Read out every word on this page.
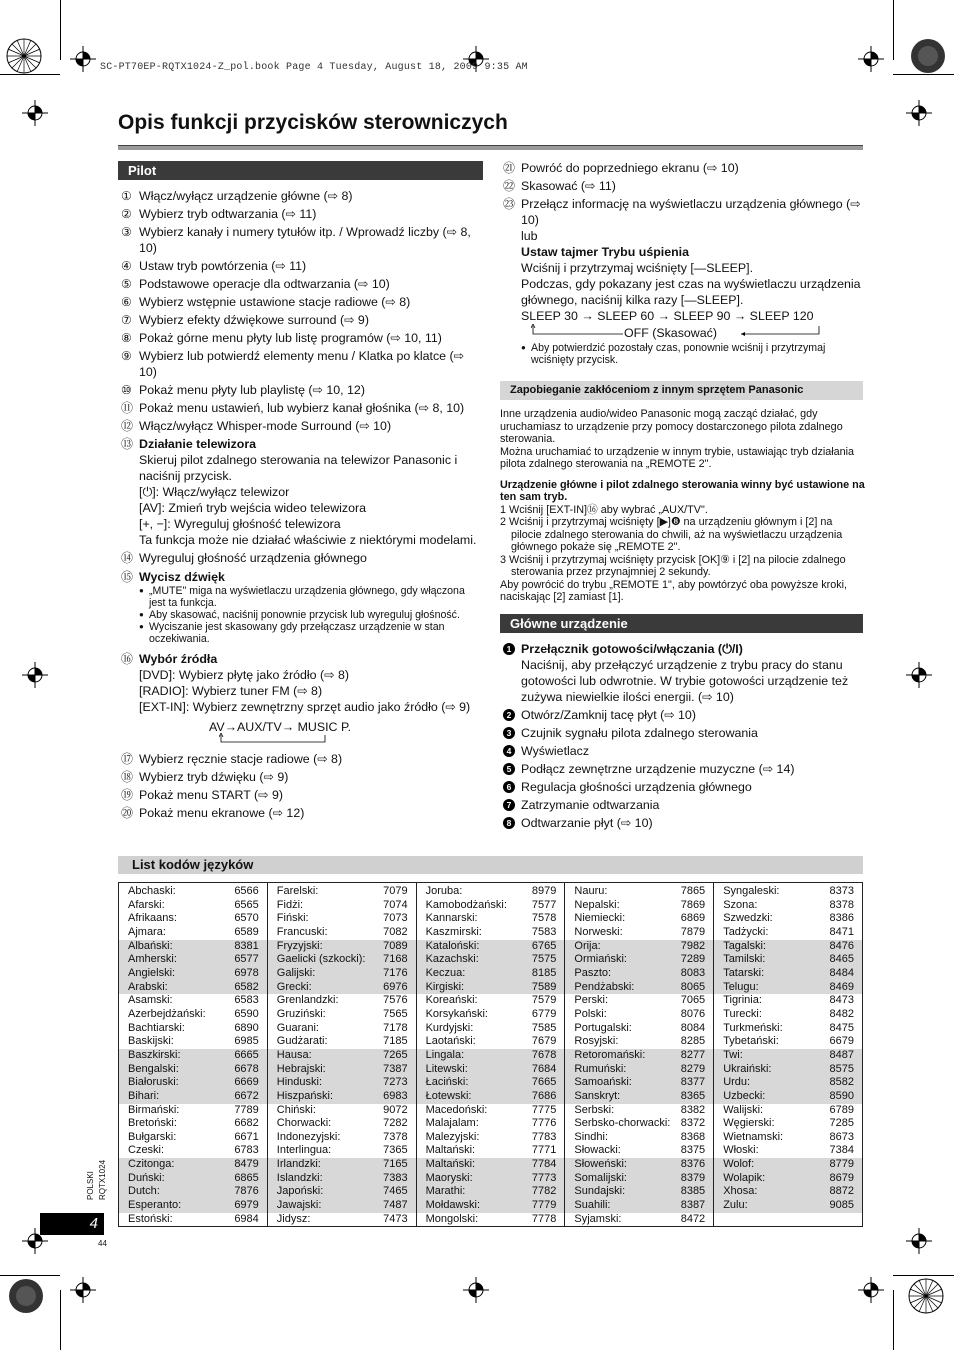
SC-PT70EP-RQTX1024-Z_pol.book Page 4 Tuesday, August 18, 2009 9:35 AM
Opis funkcji przycisków sterowniczych
Pilot
① Włącz/wyłącz urządzenie główne (⇨ 8)
② Wybierz tryb odtwarzania (⇨ 11)
③ Wybierz kanały i numery tytułów itp. / Wprowadź liczby (⇨ 8, 10)
④ Ustaw tryb powtórzenia (⇨ 11)
⑤ Podstawowe operacje dla odtwarzania (⇨ 10)
⑥ Wybierz wstępnie ustawione stacje radiowe (⇨ 8)
⑦ Wybierz efekty dźwiękowe surround (⇨ 9)
⑧ Pokaż górne menu płyty lub listę programów (⇨ 10, 11)
⑨ Wybierz lub potwierdź elementy menu / Klatka po klatce (⇨ 10)
⑩ Pokaż menu płyty lub playlistę (⇨ 10, 12)
⑪ Pokaż menu ustawień, lub wybierz kanał głośnika (⇨ 8, 10)
⑫ Włącz/wyłącz Whisper-mode Surround (⇨ 10)
⑬ Działanie telewizora
Skieruj pilot zdalnego sterowania na telewizor Panasonic i naciśnij przycisk.
[⏻]: Włącz/wyłącz telewizor
[AV]: Zmień tryb wejścia wideo telewizora
[+, −]: Wyreguluj głośność telewizora
Ta funkcja może nie działać właściwie z niektórymi modelami.
⑭ Wyreguluj głośność urządzenia głównego
⑮ Wycisz dźwięk
● „MUTE" miga na wyświetlaczu urządzenia głównego, gdy włączona jest ta funkcja.
● Aby skasować, naciśnij ponownie przycisk lub wyreguluj głośność.
● Wyciszanie jest skasowany gdy przełączasz urządzenie w stan oczekiwania.
⑯ Wybór źródła
[DVD]: Wybierz płytę jako źródło (⇨ 8)
[RADIO]: Wybierz tuner FM (⇨ 8)
[EXT-IN]: Wybierz zewnętrzny sprzęt audio jako źródło (⇨ 9)
AV→AUX/TV→ MUSIC P.
⑰ Wybierz ręcznie stacje radiowe (⇨ 8)
⑱ Wybierz tryb dźwięku (⇨ 9)
⑲ Pokaż menu START (⇨ 9)
⑳ Pokaż menu ekranowe (⇨ 12)
㉑ Powróć do poprzedniego ekranu (⇨ 10)
㉒ Skasować (⇨ 11)
㉓ Przełącz informację na wyświetlaczu urządzenia głównego (⇨ 10)
lub
Ustaw tajmer Trybu uśpienia
Wciśnij i przytrzymaj wciśnięty [—SLEEP].
Podczas, gdy pokazany jest czas na wyświetlaczu urządzenia głównego, naciśnij kilka razy [—SLEEP].
SLEEP 30 → SLEEP 60 → SLEEP 90 → SLEEP 120
OFF (Skasować)
● Aby potwierdzić pozostały czas, ponownie wciśnij i przytrzymaj wciśnięty przycisk.
Zapobieganie zakłóceniom z innym sprzętem Panasonic
Inne urządzenia audio/wideo Panasonic mogą zacząć działać, gdy uruchamiasz to urządzenie przy pomocy dostarczonego pilota zdalnego sterowania.
Można uruchamiać to urządzenie w innym trybie, ustawiając tryb działania pilota zdalnego sterowania na „REMOTE 2".
Urządzenie główne i pilot zdalnego sterowania winny być ustawione na ten sam tryb.
1 Wciśnij [EXT-IN]⑯ aby wybrać „AUX/TV".
2 Wciśnij i przytrzymaj wciśnięty [▶]❽ na urządzeniu głównym i [2] na pilocie zdalnego sterowania do chwili, aż na wyświetlaczu urządzenia głównego pokaże się „REMOTE 2".
3 Wciśnij i przytrzymaj wciśnięty przycisk [OK]⑨ i [2] na pilocie zdalnego sterowania przez przynajmniej 2 sekundy.
Aby powrócić do trybu „REMOTE 1", aby powtórzyć oba powyższe kroki, naciskając [2] zamiast [1].
Główne urządzenie
1 Przełącznik gotowości/włączania (⏻/I)
Naciśnij, aby przełączyć urządzenie z trybu pracy do stanu gotowości lub odwrotnie. W trybie gotowości urządzenie też zużywa niewielkie ilości energii. (⇨ 10)
2 Otwórz/Zamknij tacę płyt (⇨ 10)
3 Czujnik sygnału pilota zdalnego sterowania
4 Wyświetlacz
5 Podłącz zewnętrzne urządzenie muzyczne (⇨ 14)
6 Regulacja głośności urządzenia głównego
7 Zatrzymanie odtwarzania
8 Odtwarzanie płyt (⇨ 10)
List kodów języków
Abchaski:	6566
Afarski:	6565
Afrikaans:	6570
Ajmara:	6589
Albański:	8381
Amherski:	6577
Angielski:	6978
Arabski:	6582
Asamski:	6583
Azerbejdżański:	6590
Bachtiarski:	6890
Baskijski:	6985
Baszkirski:	6665
Bengalski:	6678
Białoruski:	6669
Bihari:	6672
Birmański:	7789
Bretoński:	6682
Bułgarski:	6671
Czeski:	6783
Czitonga:	8479
Duński:	6865
Dutch:	7876
Esperanto:	6979
Estoński:	6984
Farelski:	7079
Fidżi:	7074
Fiński:	7073
Francuski:	7082
Fryzyjski:	7089
Gaelicki (szkocki): 7168
Galijski:	7176
Grecki:	6976
Grenlandzki:	7576
Gruziński:	7565
Guarani:	7178
Gudżarati:	7185
Hausa:	7265
Hebrajski:	7387
Hinduski:	7273
Hiszpański:	6983
Chiński:	9072
Chorwacki:	7282
Indonezyjski:	7378
Interlingua:	7365
Irlandzki:	7165
Islandzki:	7383
Japoński:	7465
Jawajski:	7487
Jidysz:	7473
Joruba:	8979
Kamobodżański: 7577
Kannarski:	7578
Kaszmirski:	7583
Kataloński:	6765
Kazachski:	7575
Keczua:	8185
Kirgiski:	7589
Koreański:	7579
Korsykański:	6779
Kurdyjski:	7585
Laotański:	7679
Lingala:	7678
Litewski:	7684
Łaciński:	7665
Łotewski:	7686
Macedoński:	7775
Malajalam:	7776
Malezyjski:	7783
Maltański:	7771
Maltański:	7784
Maoryski:	7773
Marathi:	7782
Mołdawski:	7779
Mongolski:	7778
Nauru:	7865
Nepalski:	7869
Niemiecki:	6869
Norweski:	7879
Orija:	7982
Ormiański:	7289
Paszto:	8083
Pendżabski:	8065
Perski:	7065
Polski:	8076
Portugalski:	8084
Rosyjski:	8285
Retoromański:	8277
Rumuński:	8279
Samoański:	8377
Sanskryt:	8365
Serbski:	8382
Serbsko-chorwacki: 8372
Sindhi:	8368
Słowacki:	8375
Słoweński:	8376
Somalijski:	8379
Sundajski:	8385
Suahili:	8387
Syjamski:	8472
Syngaleski:	8373
Szona:	8378
Szwedzki:	8386
Tadżycki:	8471
Tagalski:	8476
Tamilski:	8465
Tatarski:	8484
Telugu:	8469
Tigrinia:	8473
Turecki:	8482
Turkmeński:	8475
Tybetański:	6679
Twi:	8487
Ukraiński:	8575
Urdu:	8582
Uzbecki:	8590
Walijski:	6789
Węgierski:	7285
Wietnamski:	8673
Włoski:	7384
Wolof:	8779
Wolapik:	8679
Xhosa:	8872
Zulu:	9085
POLSKI RQTX1024
4
44
